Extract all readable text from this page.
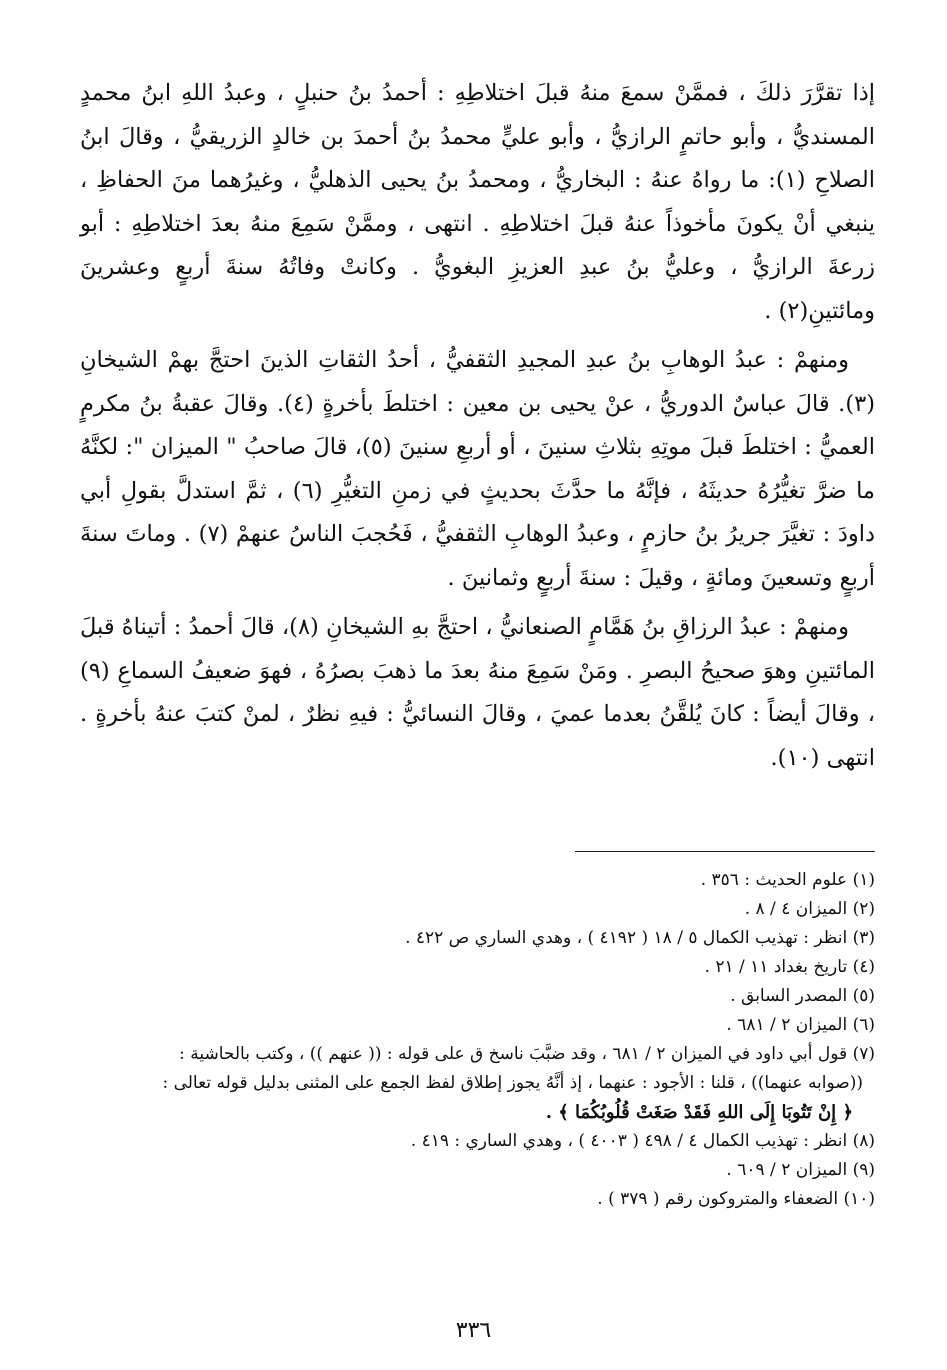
إذا تقرَّرَ ذلكَ ، فممَّنْ سمعَ منهُ قبلَ اختلاطِهِ : أحمدُ بنُ حنبلٍ ، وعبدُ اللهِ ابنُ محمدٍ المسنديُّ ، وأبو حاتمٍ الرازيُّ ، وأبو عليٍّ محمدُ بنُ أحمدَ بن خالدٍ الزريقيُّ ، وقالَ ابنُ الصلاحِ (١): ما رواهُ عنهُ : البخاريُّ ، ومحمدُ بنُ يحيى الذهليُّ ، وغيرُهما منَ الحفاظِ ، ينبغي أنْ يكونَ مأخوذاً عنهُ قبلَ اختلاطِهِ . انتهى ، وممَّنْ سَمِعَ منهُ بعدَ اختلاطِهِ : أبو زرعةَ الرازيُّ ، وعليُّ بنُ عبدِ العزيزِ البغويُّ . وكانتْ وفاتُهُ سنةَ أربعٍ وعشرينَ ومائتينِ(٢) .

ومنهمْ : عبدُ الوهابِ بنُ عبدِ المجيدِ الثقفيُّ ، أحدُ الثقاتِ الذينَ احتجَّ بهمْ الشيخانِ (٣). قالَ عباسٌ الدوريُّ ، عنْ يحيى بن معين : اختلطَ بأخرةٍ (٤). وقالَ عقبةُ بنُ مكرمٍ العميُّ : اختلطَ قبلَ موتِهِ بثلاثِ سنينَ ، أو أربعِ سنينَ (٥)، قالَ صاحبُ " الميزان ": لكنَّهُ ما ضرَّ تغيُّرُهُ حديثَهُ ، فإنَّهُ ما حدَّثَ بحديثٍ في زمنِ التغيُّرِ (٦) ، ثمَّ استدلَّ بقولِ أبي داودَ : تغيَّرَ جريرُ بنُ حازمٍ ، وعبدُ الوهابِ الثقفيُّ ، فَحُجبَ الناسُ عنهمْ (٧) . وماتَ سنةَ أربعٍ وتسعينَ ومائةٍ ، وقيلَ : سنةَ أربعٍ وثمانينَ .

ومنهمْ : عبدُ الرزاقِ بنُ هَمَّامٍ الصنعانيُّ ، احتجَّ بهِ الشيخانِ (٨)، قالَ أحمدُ : أتيناهُ قبلَ المائتينِ وهوَ صحيحُ البصرِ . ومَنْ سَمِعَ منهُ بعدَ ما ذهبَ بصرُهُ ، فهوَ ضعيفُ السماعِ (٩) ، وقالَ أيضاً : كانَ يُلقَّنُ بعدما عميَ ، وقالَ النسائيُّ : فيهِ نظرٌ ، لمنْ كتبَ عنهُ بأخرةٍ . انتهى (١٠).

(١) علوم الحديث : ٣٥٦ .

(٢) الميزان ٤ / ٨ .

(٣) انظر : تهذيب الكمال ٥ / ١٨ ( ٤١٩٢ ) ، وهدي الساري ص ٤٢٢ .

(٤) تاريخ بغداد ١١ / ٢١ .

(٥) المصدر السابق .

(٦) الميزان ٢ / ٦٨١ .

(٧) قول أبي داود في الميزان ٢ / ٦٨١ ، وقد ضبَّبَ ناسخ ق على قوله : (( عنهم )) ، وكتب بالحاشية :

((صوابه عنهما)) ، قلنا : الأجود : عنهما ، إذ أنَّهُ يجوز إطلاق لفظ الجمع على المثنى بدليل قوله تعالى :

﴿ إِنْ تَتُوبَا إِلَى اللهِ فَقَدْ صَغَتْ قُلُوبُكُمَا ﴾ .

(٨) انظر : تهذيب الكمال ٤ / ٤٩٨ ( ٤٠٠٣ ) ، وهدي الساري : ٤١٩ .

(٩) الميزان ٢ / ٦٠٩ .

(١٠) الضعفاء والمتروكون رقم ( ٣٧٩ ) .

٣٣٦
